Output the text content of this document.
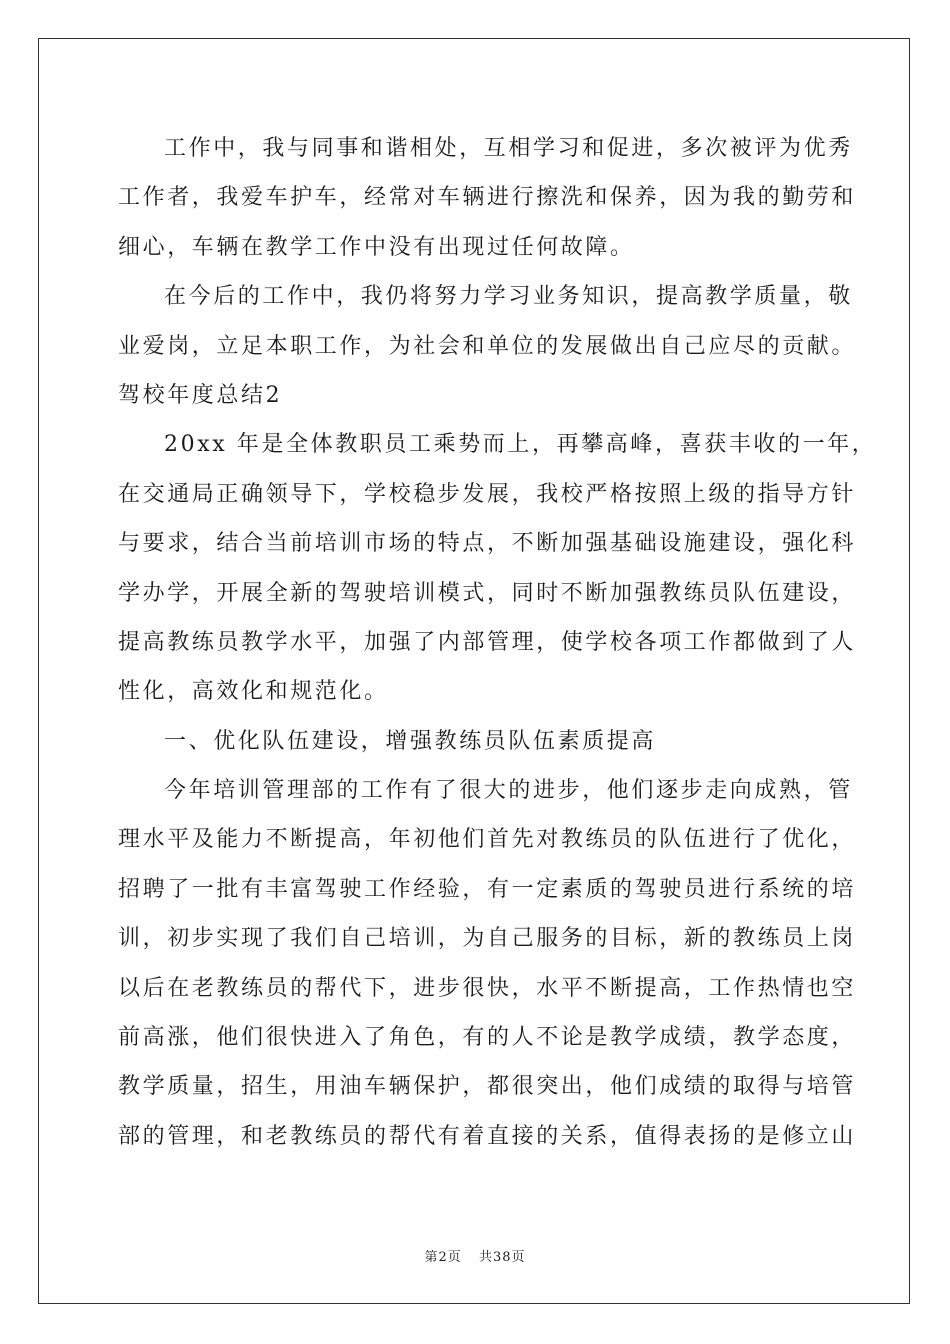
工作中，我与同事和谐相处，互相学习和促进，多次被评为优秀
工作者，我爱车护车，经常对车辆进行擦洗和保养，因为我的勤劳和
细心，车辆在教学工作中没有出现过任何故障。
在今后的工作中，我仍将努力学习业务知识，提高教学质量，敬
业爱岗，立足本职工作，为社会和单位的发展做出自己应尽的贡献。
驾校年度总结2
20xx 年是全体教职员工乘势而上，再攀高峰，喜获丰收的一年，
在交通局正确领导下，学校稳步发展，我校严格按照上级的指导方针
与要求，结合当前培训市场的特点，不断加强基础设施建设，强化科
学办学，开展全新的驾驶培训模式，同时不断加强教练员队伍建设，
提高教练员教学水平，加强了内部管理，使学校各项工作都做到了人
性化，高效化和规范化。
一、优化队伍建设，增强教练员队伍素质提高
今年培训管理部的工作有了很大的进步，他们逐步走向成熟，管
理水平及能力不断提高，年初他们首先对教练员的队伍进行了优化，
招聘了一批有丰富驾驶工作经验，有一定素质的驾驶员进行系统的培
训，初步实现了我们自己培训，为自己服务的目标，新的教练员上岗
以后在老教练员的帮代下，进步很快，水平不断提高，工作热情也空
前高涨，他们很快进入了角色，有的人不论是教学成绩，教学态度，
教学质量，招生，用油车辆保护，都很突出，他们成绩的取得与培管
部的管理，和老教练员的帮代有着直接的关系，值得表扬的是修立山
第2页 共38页
